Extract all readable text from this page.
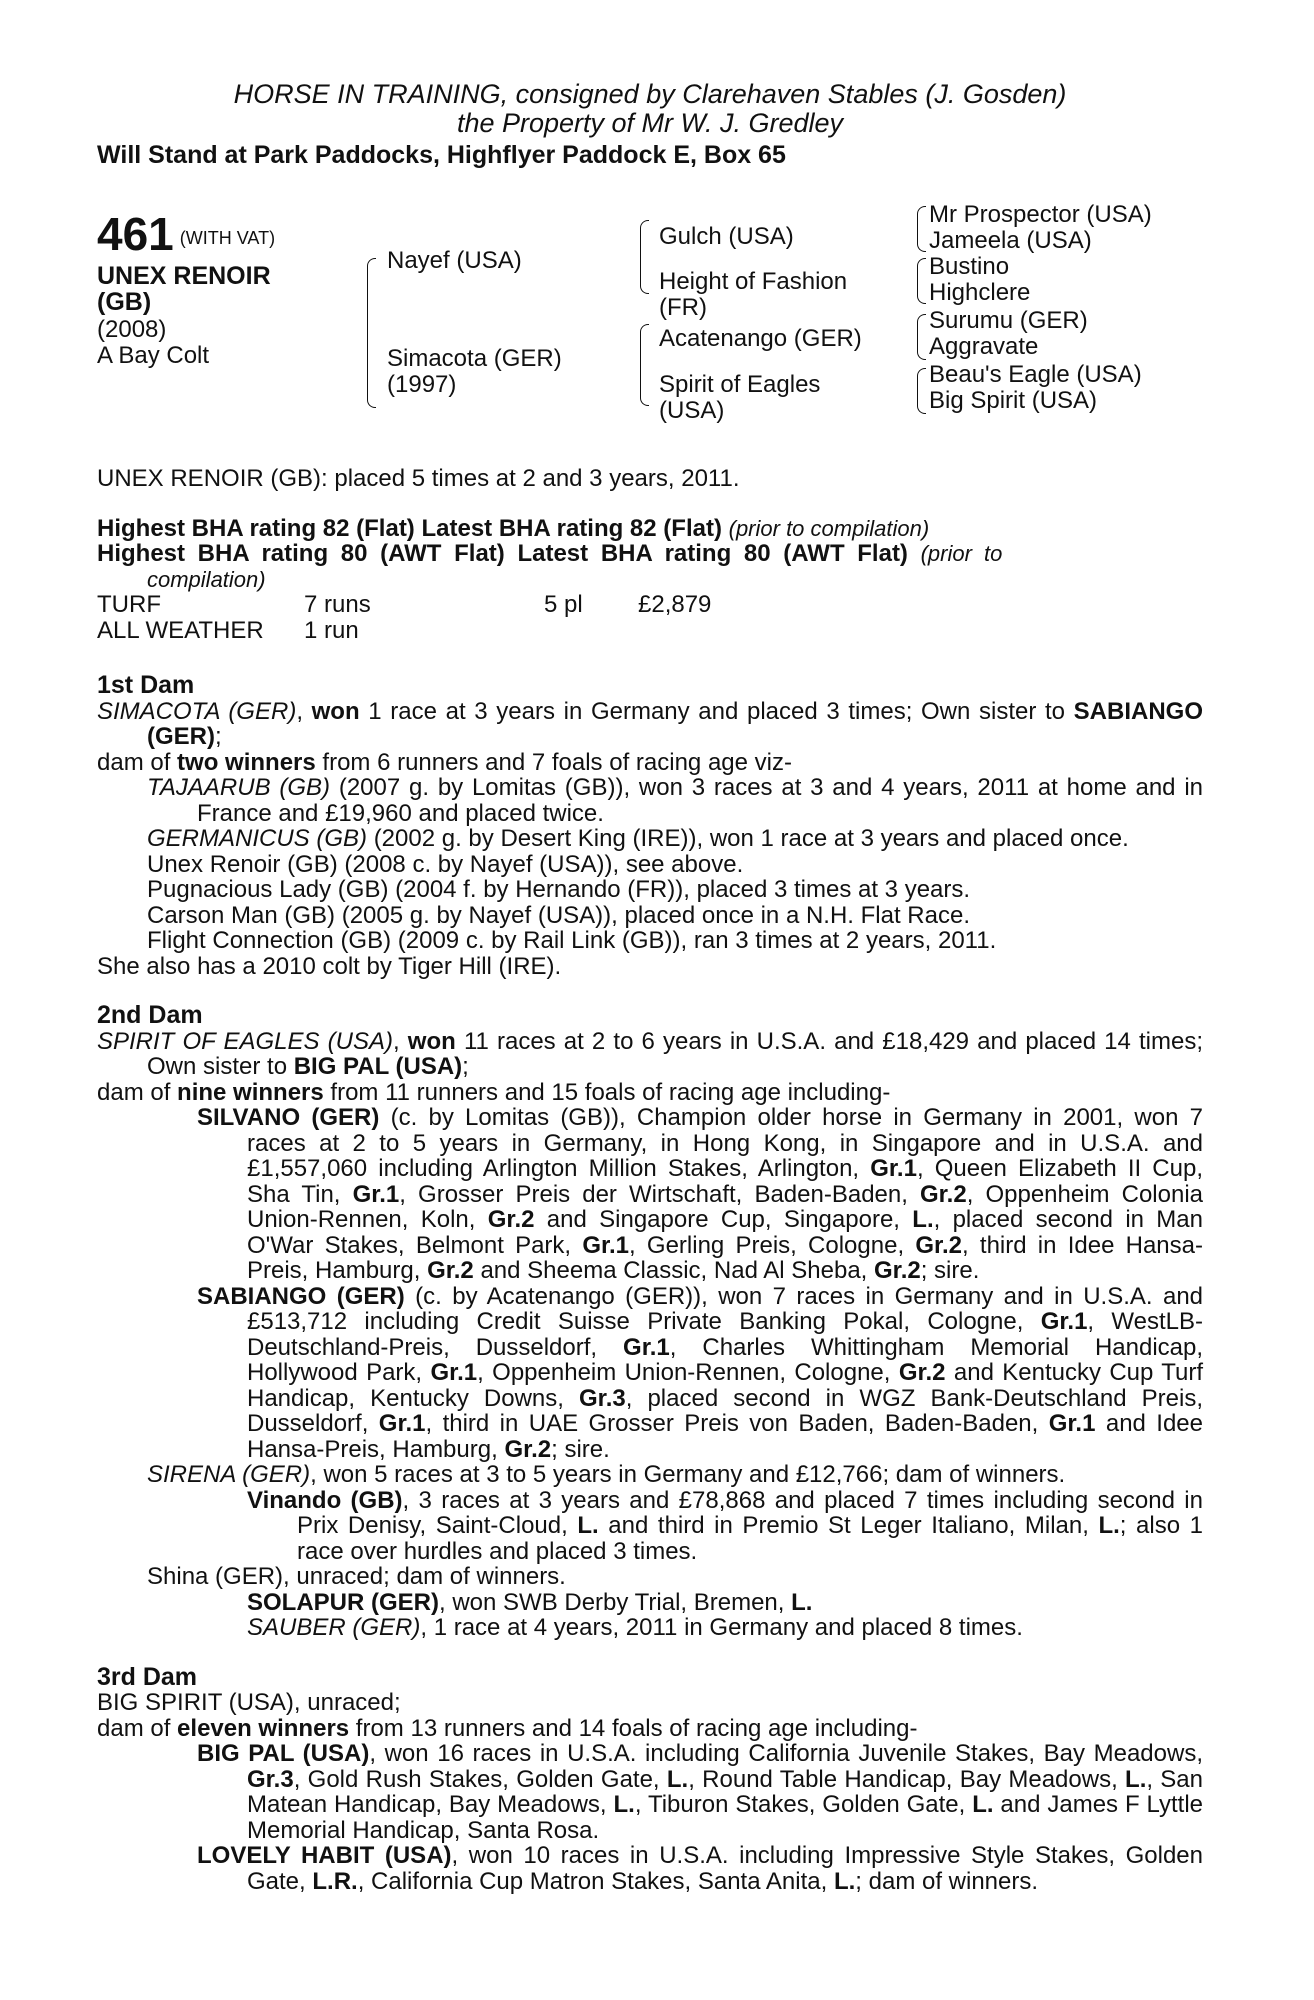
HORSE IN TRAINING, consigned by Clarehaven Stables (J. Gosden)
the Property of Mr W. J. Gredley
Will Stand at Park Paddocks, Highflyer Paddock E, Box 65
461 (WITH VAT)
UNEX RENOIR
(GB)
(2008)
A Bay Colt
Nayef (USA)
Simacota (GER)
(1997)
Gulch (USA)
Height of Fashion
(FR)
Acatenango (GER)
Spirit of Eagles
(USA)
Mr Prospector (USA)
Jameela (USA)
Bustino
Highclere
Surumu (GER)
Aggravate
Beau's Eagle (USA)
Big Spirit (USA)
UNEX RENOIR (GB): placed 5 times at 2 and 3 years, 2011.
Highest BHA rating 82 (Flat) Latest BHA rating 82 (Flat) (prior to compilation)
Highest BHA rating 80 (AWT Flat) Latest BHA rating 80 (AWT Flat) (prior to
compilation)
TURF	7 runs	5 pl	£2,879
ALL WEATHER	1 run		
1st Dam
SIMACOTA (GER), won 1 race at 3 years in Germany and placed 3 times; Own sister to SABIANGO (GER);
dam of two winners from 6 runners and 7 foals of racing age viz-
TAJAARUB (GB) (2007 g. by Lomitas (GB)), won 3 races at 3 and 4 years, 2011 at home and in France and £19,960 and placed twice.
GERMANICUS (GB) (2002 g. by Desert King (IRE)), won 1 race at 3 years and placed once.
Unex Renoir (GB) (2008 c. by Nayef (USA)), see above.
Pugnacious Lady (GB) (2004 f. by Hernando (FR)), placed 3 times at 3 years.
Carson Man (GB) (2005 g. by Nayef (USA)), placed once in a N.H. Flat Race.
Flight Connection (GB) (2009 c. by Rail Link (GB)), ran 3 times at 2 years, 2011.
She also has a 2010 colt by Tiger Hill (IRE).
2nd Dam
SPIRIT OF EAGLES (USA), won 11 races at 2 to 6 years in U.S.A. and £18,429 and placed 14 times; Own sister to BIG PAL (USA);
dam of nine winners from 11 runners and 15 foals of racing age including-
SILVANO (GER) (c. by Lomitas (GB)), Champion older horse in Germany in 2001, won 7 races at 2 to 5 years in Germany, in Hong Kong, in Singapore and in U.S.A. and £1,557,060 including Arlington Million Stakes, Arlington, Gr.1, Queen Elizabeth II Cup, Sha Tin, Gr.1, Grosser Preis der Wirtschaft, Baden-Baden, Gr.2, Oppenheim Colonia Union-Rennen, Koln, Gr.2 and Singapore Cup, Singapore, L., placed second in Man O'War Stakes, Belmont Park, Gr.1, Gerling Preis, Cologne, Gr.2, third in Idee Hansa-Preis, Hamburg, Gr.2 and Sheema Classic, Nad Al Sheba, Gr.2; sire.
SABIANGO (GER) (c. by Acatenango (GER)), won 7 races in Germany and in U.S.A. and £513,712 including Credit Suisse Private Banking Pokal, Cologne, Gr.1, WestLB-Deutschland-Preis, Dusseldorf, Gr.1, Charles Whittingham Memorial Handicap, Hollywood Park, Gr.1, Oppenheim Union-Rennen, Cologne, Gr.2 and Kentucky Cup Turf Handicap, Kentucky Downs, Gr.3, placed second in WGZ Bank-Deutschland Preis, Dusseldorf, Gr.1, third in UAE Grosser Preis von Baden, Baden-Baden, Gr.1 and Idee Hansa-Preis, Hamburg, Gr.2; sire.
SIRENA (GER), won 5 races at 3 to 5 years in Germany and £12,766; dam of winners.
Vinando (GB), 3 races at 3 years and £78,868 and placed 7 times including second in Prix Denisy, Saint-Cloud, L. and third in Premio St Leger Italiano, Milan, L.; also 1 race over hurdles and placed 3 times.
Shina (GER), unraced; dam of winners.
SOLAPUR (GER), won SWB Derby Trial, Bremen, L.
SAUBER (GER), 1 race at 4 years, 2011 in Germany and placed 8 times.
3rd Dam
BIG SPIRIT (USA), unraced;
dam of eleven winners from 13 runners and 14 foals of racing age including-
BIG PAL (USA), won 16 races in U.S.A. including California Juvenile Stakes, Bay Meadows, Gr.3, Gold Rush Stakes, Golden Gate, L., Round Table Handicap, Bay Meadows, L., San Matean Handicap, Bay Meadows, L., Tiburon Stakes, Golden Gate, L. and James F Lyttle Memorial Handicap, Santa Rosa.
LOVELY HABIT (USA), won 10 races in U.S.A. including Impressive Style Stakes, Golden Gate, L.R., California Cup Matron Stakes, Santa Anita, L.; dam of winners.
